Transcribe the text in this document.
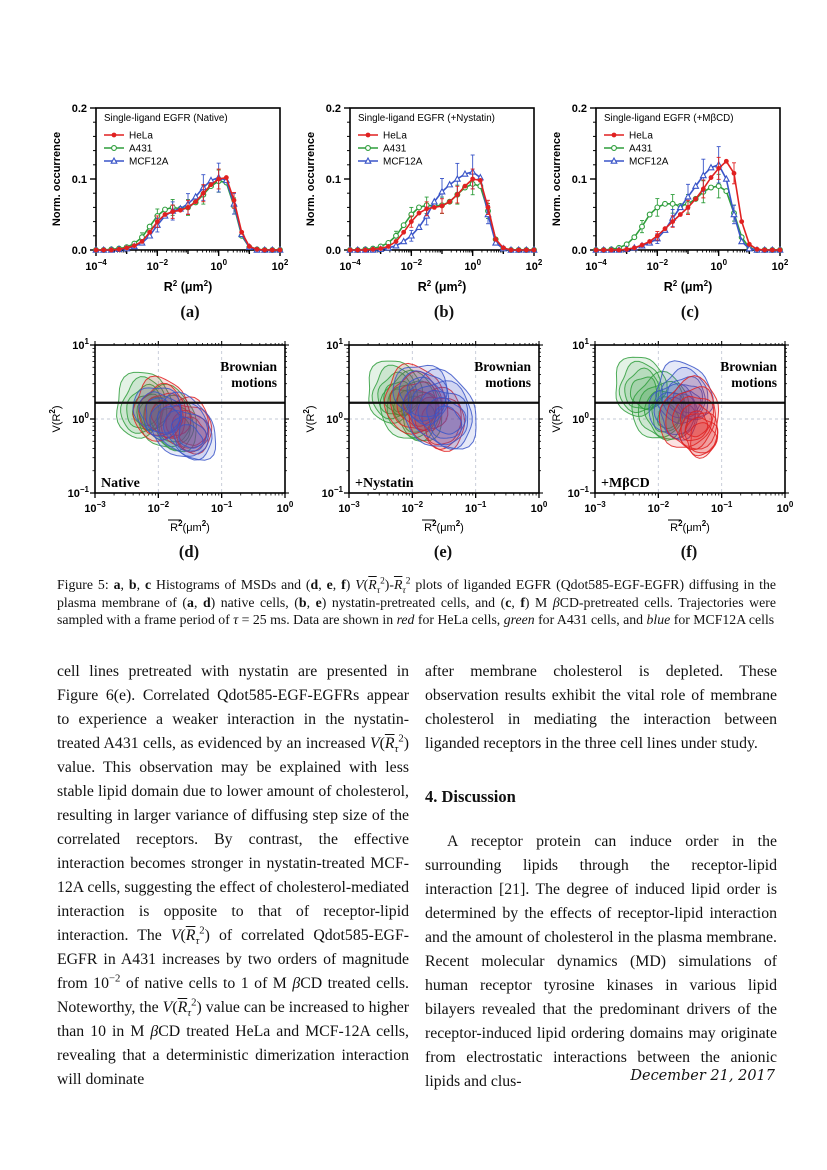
0.0
0.1
0.2
$10^{-4}$	$10^{-2}$	$10^0$	$10^2$
Single-ligand EGFR (Native)
HeLa
A431
MCF12A
Norm. occurrence
$R^2$ $(\mu m^2)$
(a)
0.0
0.1
0.2
$10^{-4}$	$10^{-2}$	$10^0$	$10^2$
Single-ligand EGFR (+Nystatin)
HeLa
A431
MCF12A
Norm. occurrence
$R^2$ $(\mu m^2)$
(b)
0.0
0.1
0.2
$10^{-4}$	$10^{-2}$	$10^0$	$10^2$
Single-ligand EGFR (+MβCD)
HeLa
A431
MCF12A
Norm. occurrence
$R^2$ $(\mu m^2)$
(c)
$10^{-3}$	$10^{-2}$	$10^{-1}$	$10^0$
$10^{-1}$
$10^0$
$10^1$
Brownian
motions
Native
$V(R^2)$
$R^2(\mu m^2)$
(d)
$10^{-3}$	$10^{-2}$	$10^{-1}$	$10^0$
$10^{-1}$
$10^0$
$10^1$
Brownian
motions
+Nystatin
$V(R^2)$
$R^2(\mu m^2)$
(e)
$10^{-3}$	$10^{-2}$	$10^{-1}$	$10^0$
$10^{-1}$
$10^0$
$10^1$
Brownian
motions
+MβCD
$V(R^2)$
$R^2(\mu m^2)$
(f)

Figure 5: a, b, c Histograms of MSDs and (d, e, f) $V(\overline{R}_\tau^2)-\overline{R}_\tau^2$ plots of liganded EGFR (Qdot585-EGF-EGFR) diffusing in the plasma membrane of (a, d) native cells, (b, e) nystatin-pretreated cells, and (c, f) M βCD-pretreated cells. Trajectories were sampled with a frame period of τ = 25 ms. Data are shown in red for HeLa cells, green for A431 cells, and blue for MCF12A cells

cell lines pretreated with nystatin are presented in Figure 6(e). Correlated Qdot585-EGF-EGFRs appear to experience a weaker interaction in the nystatin-treated A431 cells, as evidenced by an increased $V(\overline{R}_\tau^2)$ value. This observation may be explained with less stable lipid domain due to lower amount of cholesterol, resulting in larger variance of diffusing step size of the correlated receptors. By contrast, the effective interaction becomes stronger in nystatin-treated MCF-12A cells, suggesting the effect of cholesterol-mediated interaction is opposite to that of receptor-lipid interaction. The $V(\overline{R}_\tau^2)$ of correlated Qdot585-EGF-EGFR in A431 increases by two orders of magnitude from $10^{-2}$ of native cells to 1 of M βCD treated cells. Noteworthy, the $V(\overline{R}_\tau^2)$ value can be increased to higher than 10 in M βCD treated HeLa and MCF-12A cells, revealing that a deterministic dimerization interaction will dominate

after membrane cholesterol is depleted. These observation results exhibit the vital role of membrane cholesterol in mediating the interaction between liganded receptors in the three cell lines under study.

4. Discussion

A receptor protein can induce order in the surrounding lipids through the receptor-lipid interaction [21]. The degree of induced lipid order is determined by the effects of receptor-lipid interaction and the amount of cholesterol in the plasma membrane. Recent molecular dynamics (MD) simulations of human receptor tyrosine kinases in various lipid bilayers revealed that the predominant drivers of the receptor-induced lipid ordering domains may originate from electrostatic interactions between the anionic lipids and clus-	December 21, 2017
